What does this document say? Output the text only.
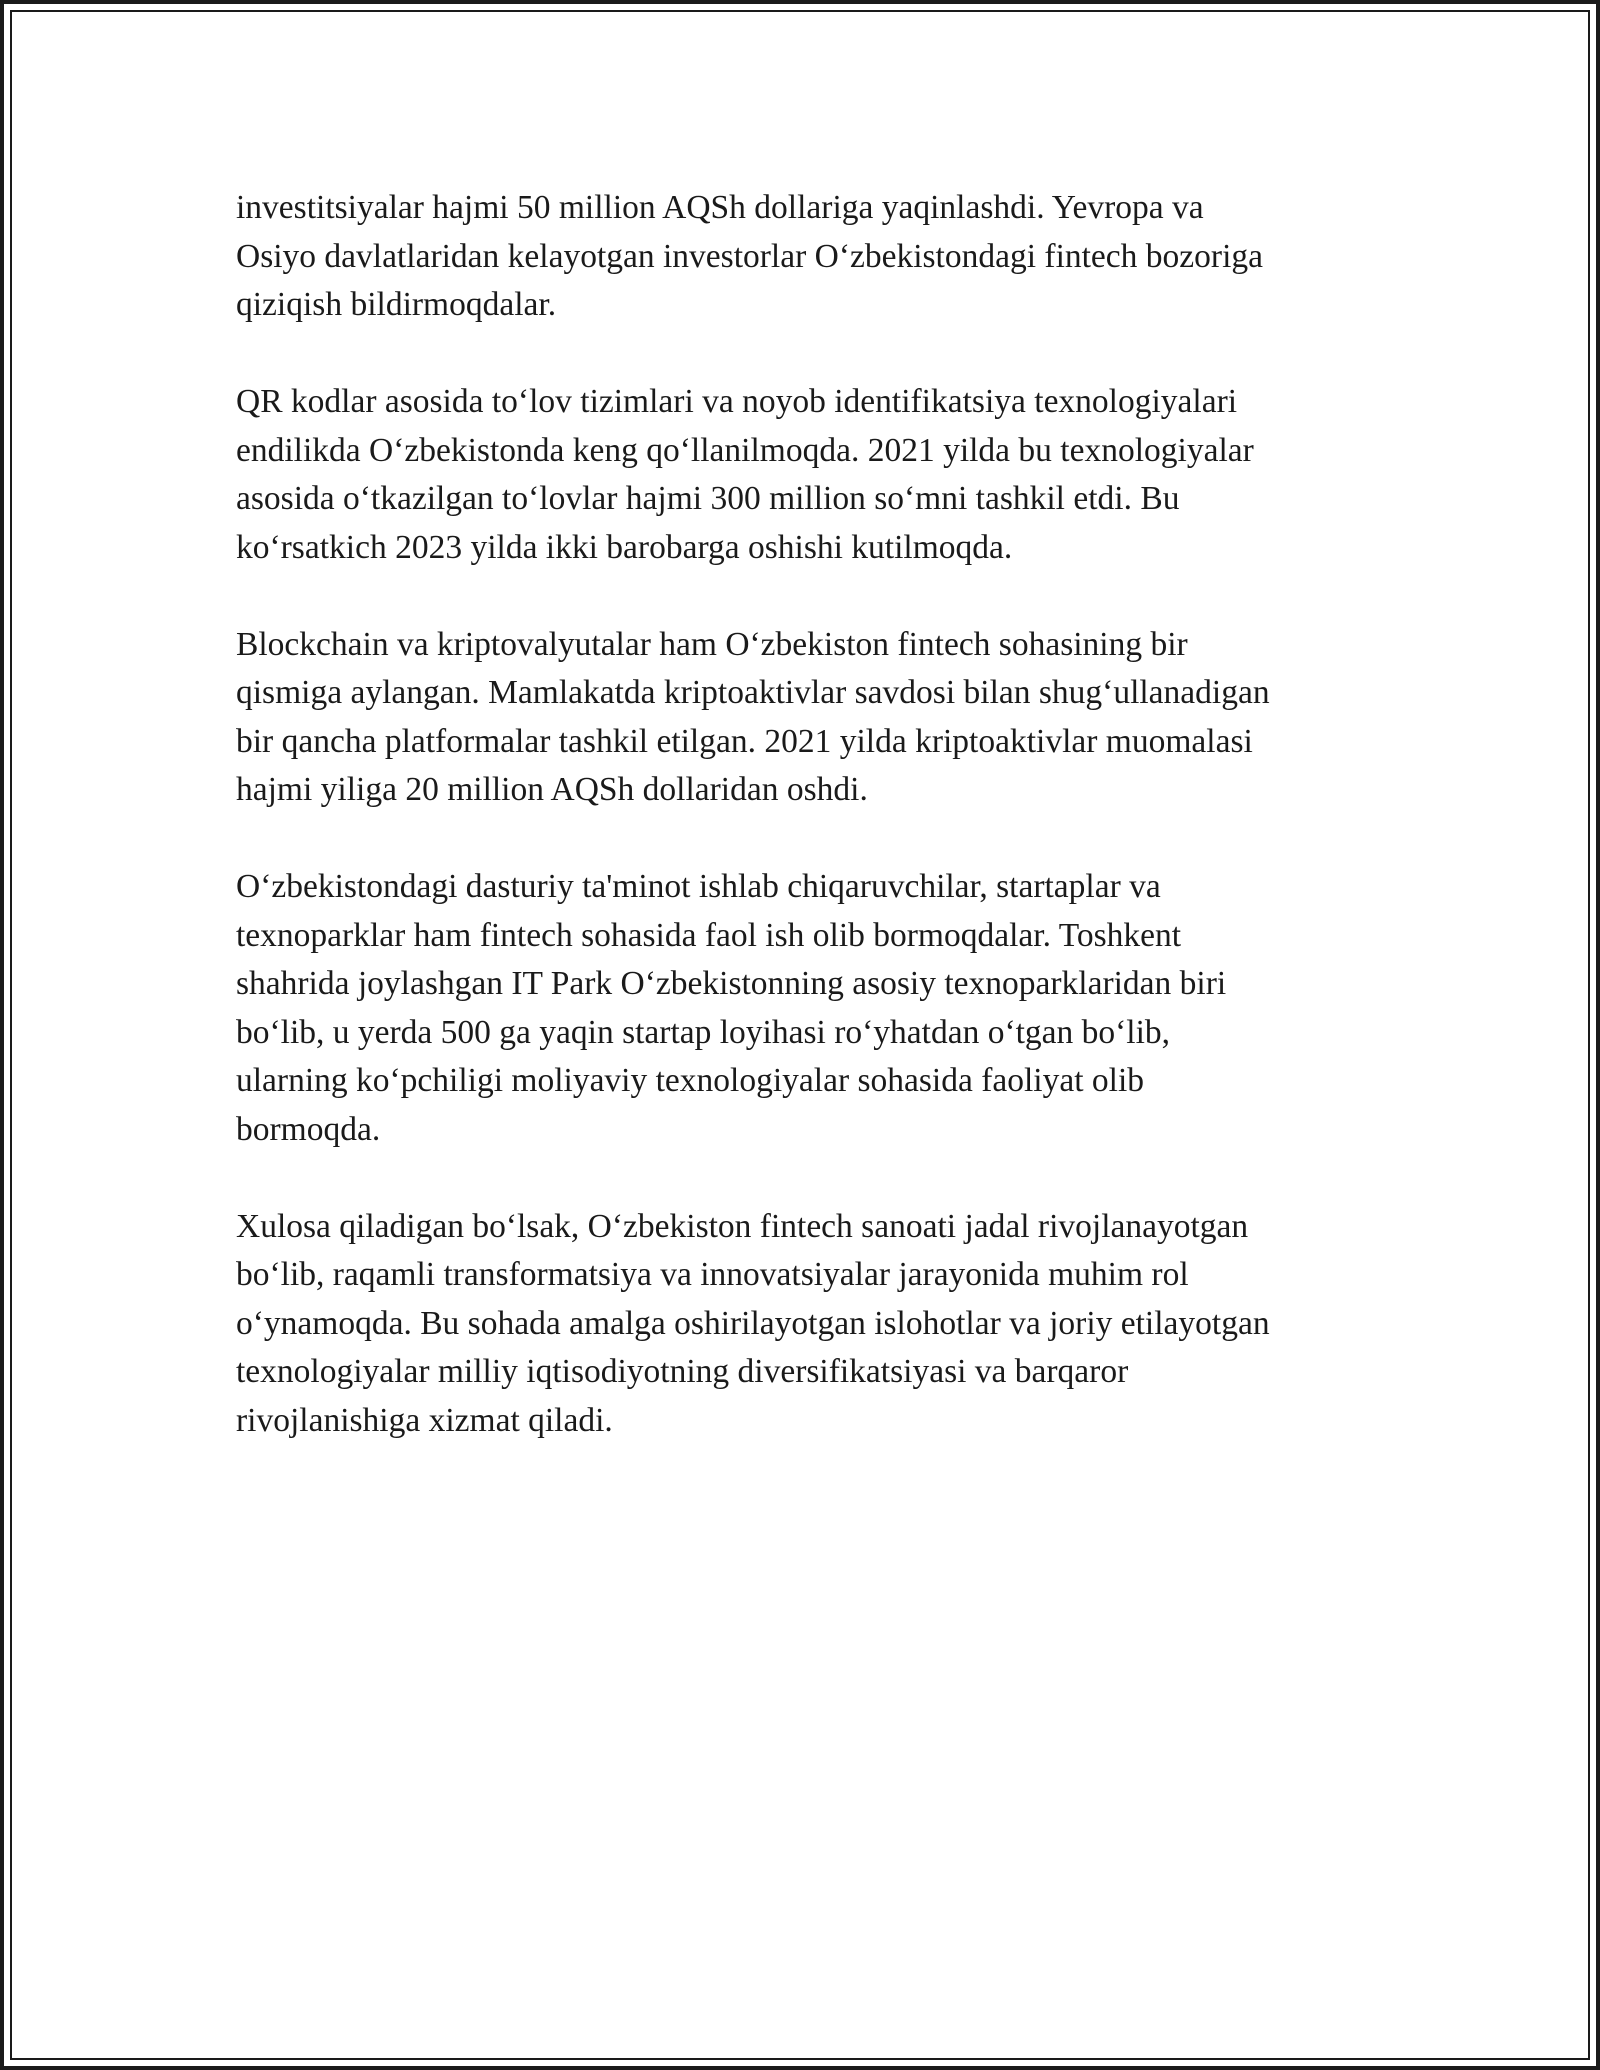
investitsiyalar hajmi 50 million AQSh dollariga yaqinlashdi. Yevropa va
Osiyo davlatlaridan kelayotgan investorlar O‘zbekistondagi fintech bozoriga
qiziqish bildirmoqdalar.

QR kodlar asosida to‘lov tizimlari va noyob identifikatsiya texnologiyalari
endilikda O‘zbekistonda keng qo‘llanilmoqda. 2021 yilda bu texnologiyalar
asosida o‘tkazilgan to‘lovlar hajmi 300 million so‘mni tashkil etdi. Bu
ko‘rsatkich 2023 yilda ikki barobarga oshishi kutilmoqda.

Blockchain va kriptovalyutalar ham O‘zbekiston fintech sohasining bir
qismiga aylangan. Mamlakatda kriptoaktivlar savdosi bilan shug‘ullanadigan
bir qancha platformalar tashkil etilgan. 2021 yilda kriptoaktivlar muomalasi
hajmi yiliga 20 million AQSh dollaridan oshdi.

O‘zbekistondagi dasturiy ta'minot ishlab chiqaruvchilar, startaplar va
texnoparklar ham fintech sohasida faol ish olib bormoqdalar. Toshkent
shahrida joylashgan IT Park O‘zbekistonning asosiy texnoparklaridan biri
bo‘lib, u yerda 500 ga yaqin startap loyihasi ro‘yhatdan o‘tgan bo‘lib,
ularning ko‘pchiligi moliyaviy texnologiyalar sohasida faoliyat olib
bormoqda.

Xulosa qiladigan bo‘lsak, O‘zbekiston fintech sanoati jadal rivojlanayotgan
bo‘lib, raqamli transformatsiya va innovatsiyalar jarayonida muhim rol
o‘ynamoqda. Bu sohada amalga oshirilayotgan islohotlar va joriy etilayotgan
texnologiyalar milliy iqtisodiyotning diversifikatsiyasi va barqaror
rivojlanishiga xizmat qiladi.
